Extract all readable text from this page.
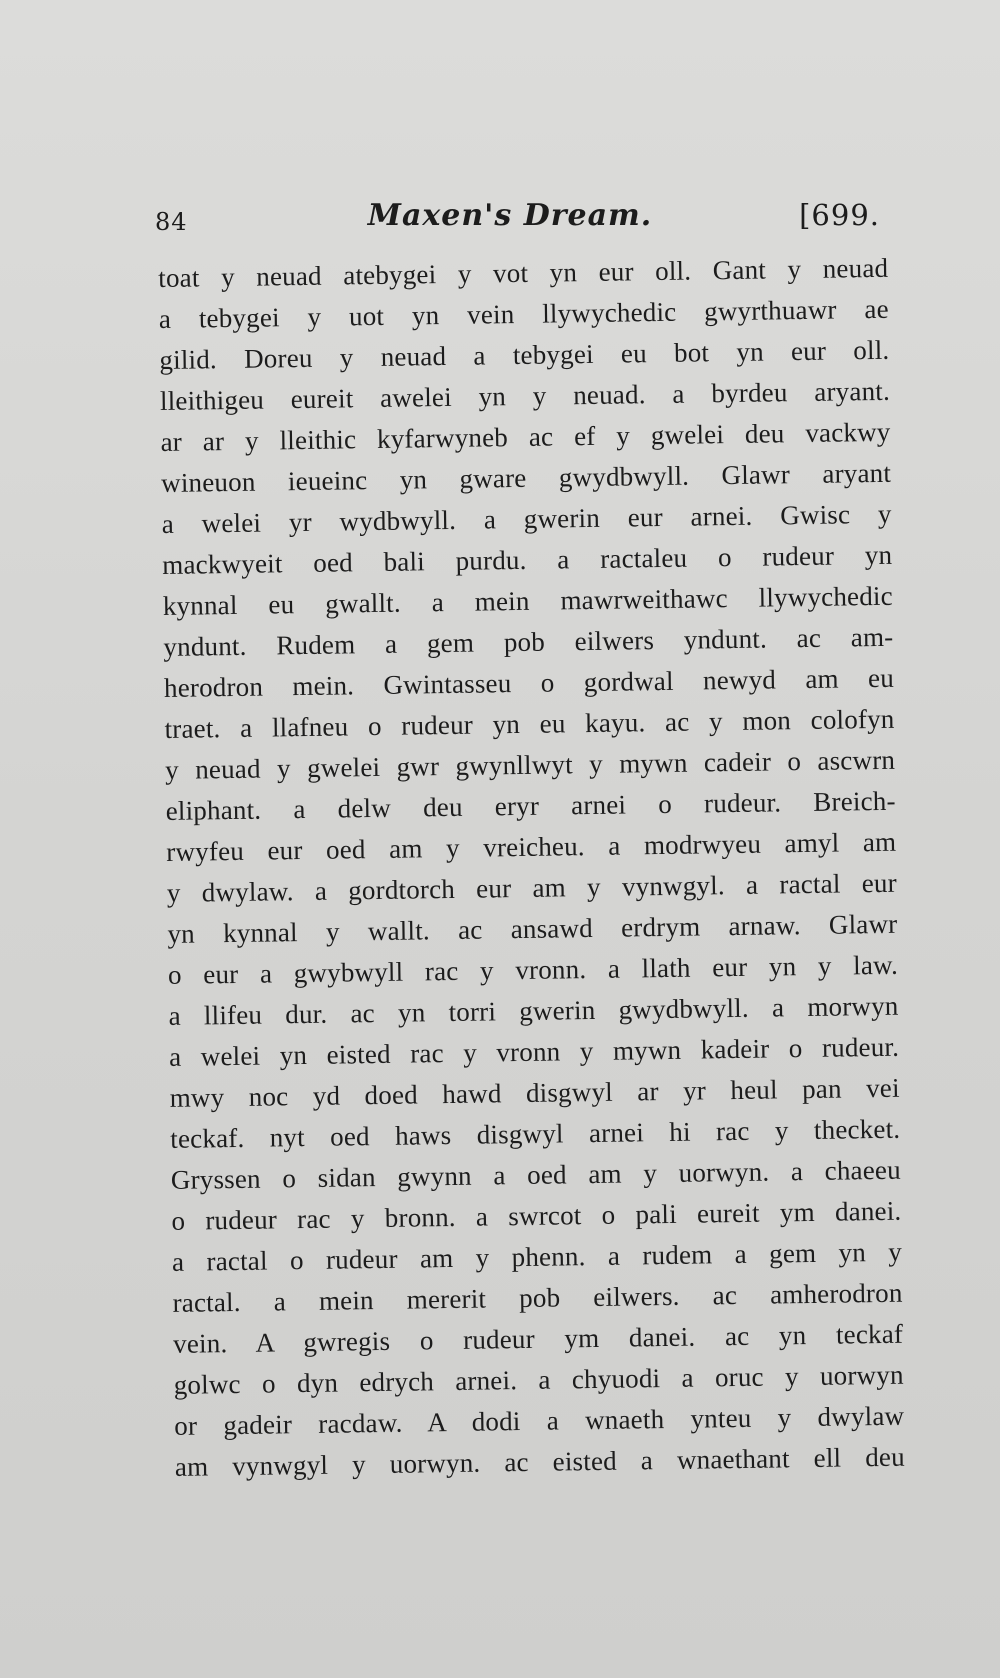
84	Maxen's Dream.	[699.
toat y neuad atebygei y vot yn eur oll. Gant y neuad
a tebygei y uot yn vein llywychedic gwyrthuawr ae
gilid. Doreu y neuad a tebygei eu bot yn eur oll.
lleithigeu eureit awelei yn y neuad. a byrdeu aryant.
ar ar y lleithic kyfarwyneb ac ef y gwelei deu vackwy
wineuon ieueinc yn gware gwydbwyll. Glawr aryant
a welei yr wydbwyll. a gwerin eur arnei. Gwisc y
mackwyeit oed bali purdu. a ractaleu o rudeur yn
kynnal eu gwallt. a mein mawrweithawc llywychedic
yndunt. Rudem a gem pob eilwers yndunt. ac am-
herodron mein. Gwintasseu o gordwal newyd am eu
traet. a llafneu o rudeur yn eu kayu. ac y mon colofyn
y neuad y gwelei gwr gwynllwyt y mywn cadeir o ascwrn
eliphant. a delw deu eryr arnei o rudeur. Breich-
rwyfeu eur oed am y vreicheu. a modrwyeu amyl am
y dwylaw. a gordtorch eur am y vynwgyl. a ractal eur
yn kynnal y wallt. ac ansawd erdrym arnaw. Glawr
o eur a gwybwyll rac y vronn. a llath eur yn y law.
a llifeu dur. ac yn torri gwerin gwydbwyll. a morwyn
a welei yn eisted rac y vronn y mywn kadeir o rudeur.
mwy noc yd doed hawd disgwyl ar yr heul pan vei
teckaf. nyt oed haws disgwyl arnei hi rac y thecket.
Gryssen o sidan gwynn a oed am y uorwyn. a chaeeu
o rudeur rac y bronn. a swrcot o pali eureit ym danei.
a ractal o rudeur am y phenn. a rudem a gem yn y
ractal. a mein mererit pob eilwers. ac amherodron
vein. A gwregis o rudeur ym danei. ac yn teckaf
golwc o dyn edrych arnei. a chyuodi a oruc y uorwyn
or gadeir racdaw. A dodi a wnaeth ynteu y dwylaw
am vynwgyl y uorwyn. ac eisted a wnaethant ell deu
